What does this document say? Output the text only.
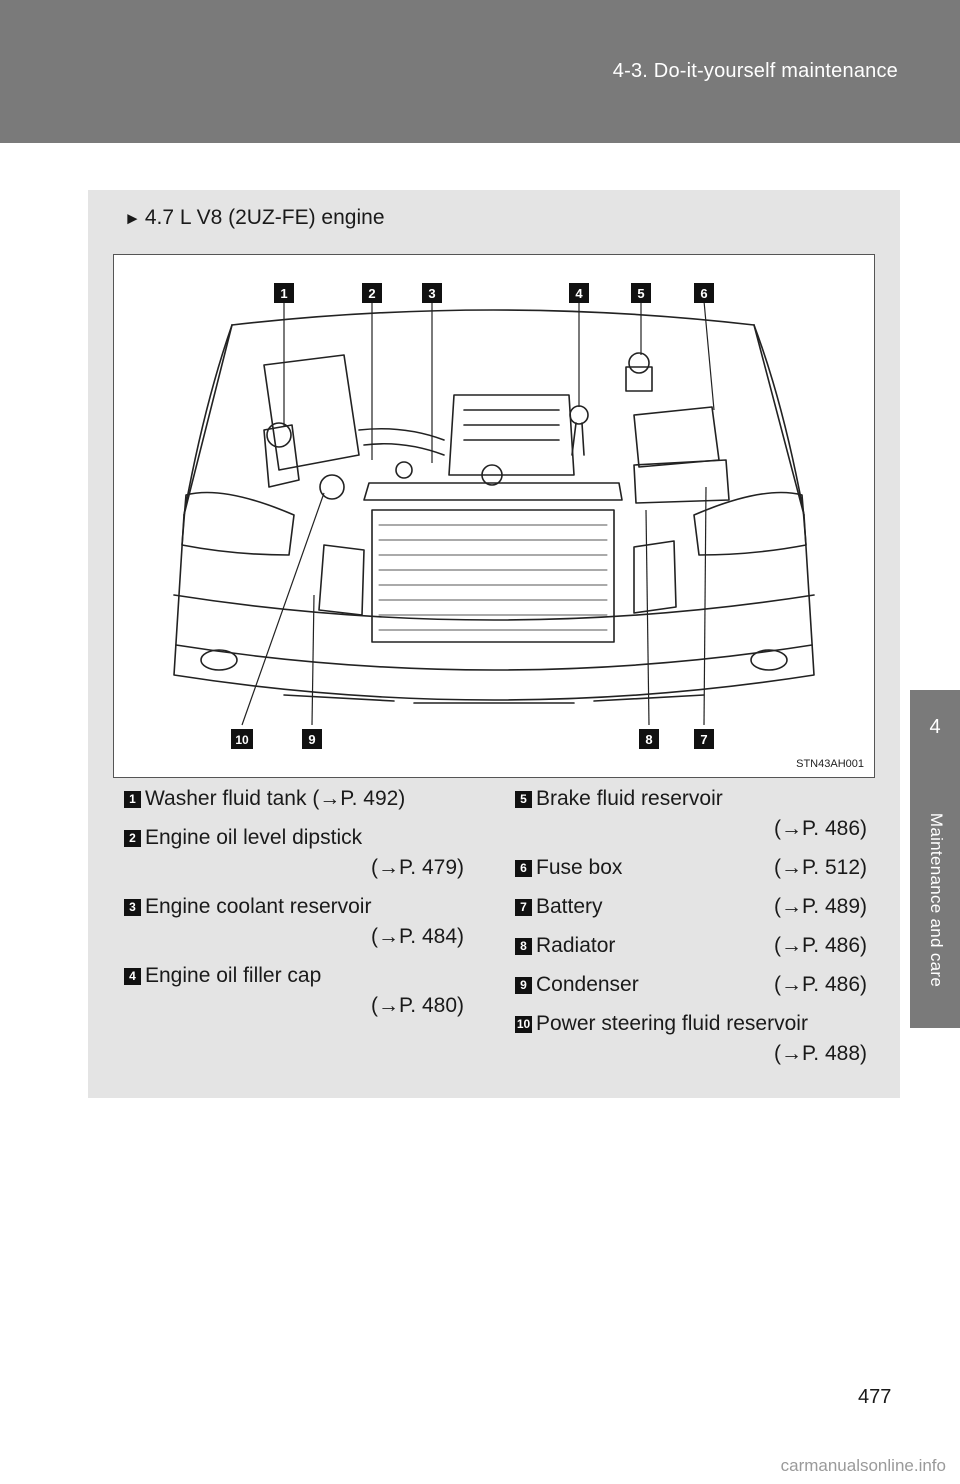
4-3. Do-it-yourself maintenance
4
Maintenance and care
► 4.7 L V8 (2UZ-FE) engine
1	2	3	4	5	6
10	9	8	7
STN43AH001
1 Washer fluid tank (→P. 492)
2 Engine oil level dipstick
(→P. 479)
3 Engine coolant reservoir
(→P. 484)
4 Engine oil filler cap
(→P. 480)
5 Brake fluid reservoir
(→P. 486)
6 Fuse box	(→P. 512)
7 Battery	(→P. 489)
8 Radiator	(→P. 486)
9 Condenser	(→P. 486)
10 Power steering fluid reservoir
(→P. 488)
477
carmanualsonline.info
